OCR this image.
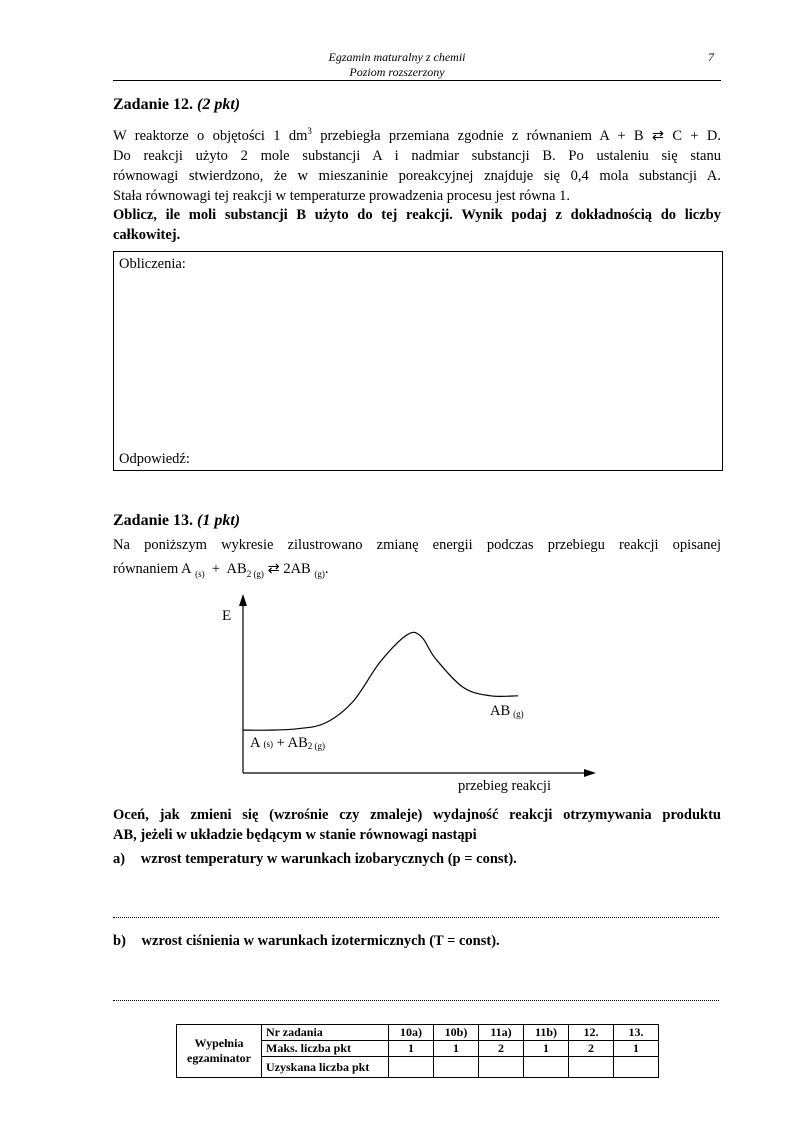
Egzamin maturalny z chemii
Poziom rozszerzony
7
Zadanie 12. (2 pkt)
W reaktorze o objętości 1 $dm^3$ przebiegła przemiana zgodnie z równaniem A + B ⇄ C + D.
Do reakcji użyto 2 mole substancji A i nadmiar substancji B. Po ustaleniu się stanu
równowagi stwierdzono, że w mieszaninie poreakcyjnej znajduje się 0,4 mola substancji A.
Stała równowagi tej reakcji w temperaturze prowadzenia procesu jest równa 1.
Oblicz, ile moli substancji B użyto do tej reakcji. Wynik podaj z dokładnością do liczby
całkowitej.
Obliczenia:
Odpowiedź:
Zadanie 13. (1 pkt)
Na poniższym wykresie zilustrowano zmianę energii podczas przebiegu reakcji opisanej
równaniem A $_{(s)} + AB_{2 (g)}$ ⇄ 2AB $_{(g)}$.
E
przebieg reakcji
A (s) + AB2 (g)
AB (g)
Oceń, jak zmieni się (wzrośnie czy zmaleje) wydajność reakcji otrzymywania produktu
AB, jeżeli w układzie będącym w stanie równowagi nastąpi
a) wzrost temperatury w warunkach izobarycznych (p = const).
b) wzrost ciśnienia w warunkach izotermicznych (T = const).
Wypełnia
egzaminator	Nr zadania	10a)	10b)	11a)	11b)	12.	13.
	Maks. liczba pkt	1	1	2	1	2	1
	Uzyskana liczba pkt						
